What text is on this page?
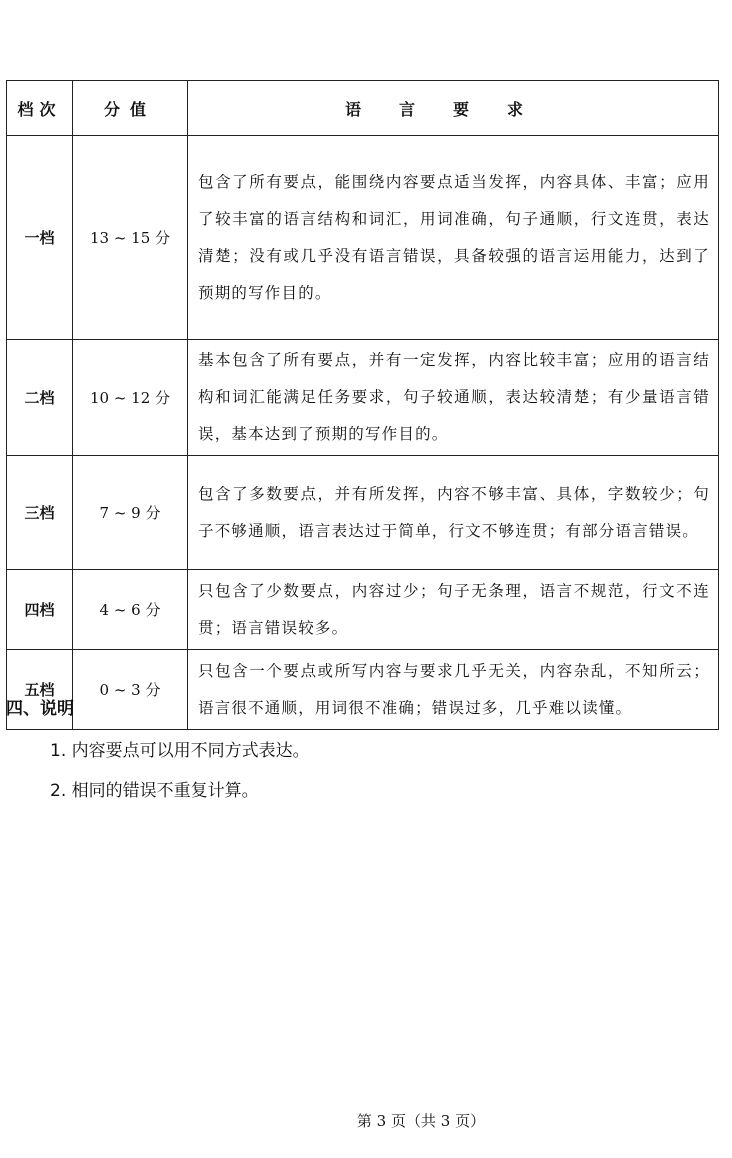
档次	分值	语言要求
一档	13 ~ 15 分	包含了所有要点，能围绕内容要点适当发挥，内容具体、丰富；应用了较丰富的语言结构和词汇，用词准确，句子通顺，行文连贯，表达清楚；没有或几乎没有语言错误，具备较强的语言运用能力，达到了预期的写作目的。
二档	10 ~ 12 分	基本包含了所有要点，并有一定发挥，内容比较丰富；应用的语言结构和词汇能满足任务要求，句子较通顺，表达较清楚；有少量语言错误，基本达到了预期的写作目的。
三档	7 ~ 9 分	包含了多数要点，并有所发挥，内容不够丰富、具体，字数较少；句子不够通顺，语言表达过于简单，行文不够连贯；有部分语言错误。
四档	4 ~ 6 分	只包含了少数要点，内容过少；句子无条理，语言不规范，行文不连贯；语言错误较多。
五档	0 ~ 3 分	只包含一个要点或所写内容与要求几乎无关，内容杂乱，不知所云；语言很不通顺，用词很不准确；错误过多，几乎难以读懂。
四、说明
1. 内容要点可以用不同方式表达。
2. 相同的错误不重复计算。
第 3 页（共 3 页）
